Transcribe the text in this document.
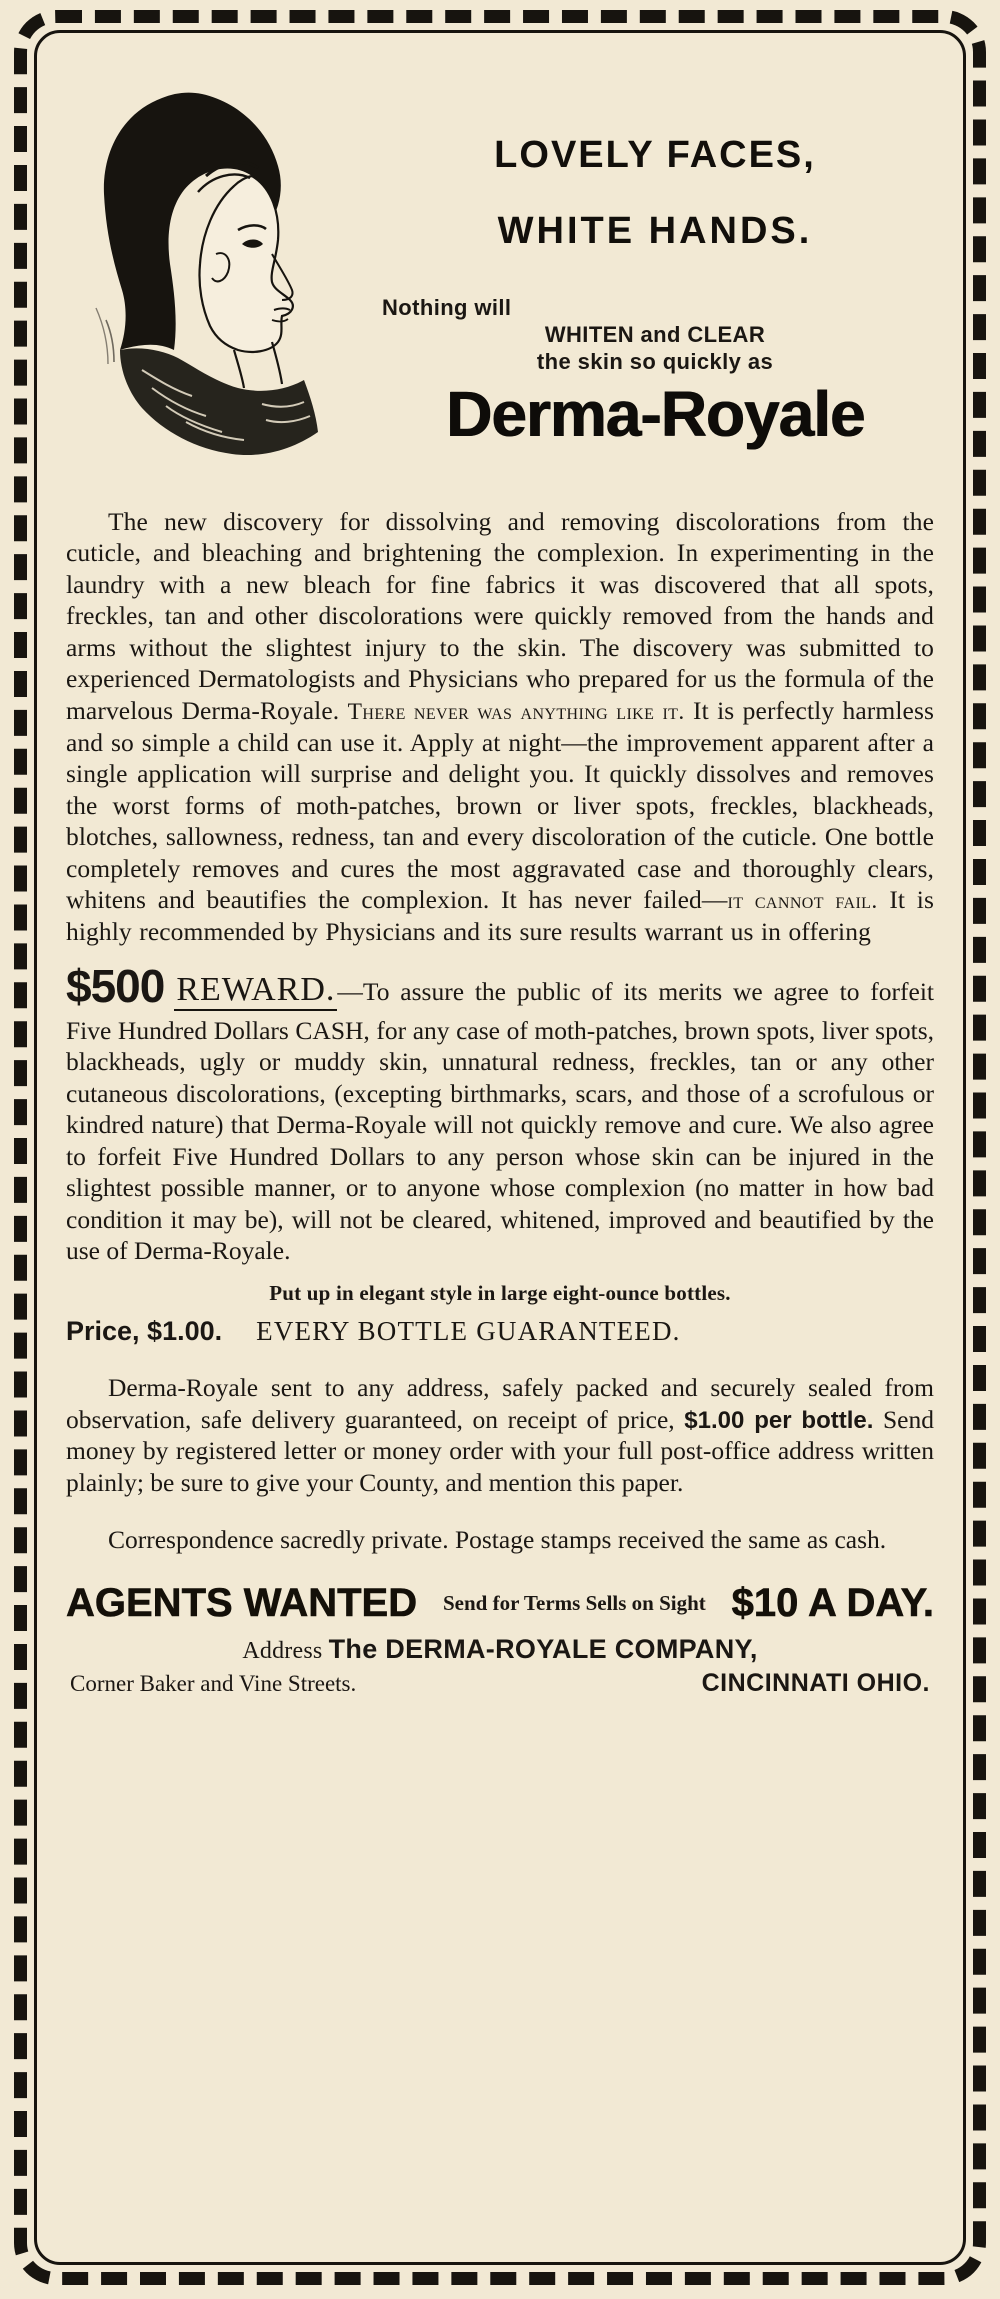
LOVELY FACES,
WHITE HANDS.
Nothing will
WHITEN and CLEAR
the skin so quickly as
Derma-Royale

The new discovery for dissolving and removing discolorations from the cuticle, and bleaching and brightening the complexion. In experimenting in the laundry with a new bleach for fine fabrics it was discovered that all spots, freckles, tan and other discolorations were quickly removed from the hands and arms without the slightest injury to the skin. The discovery was submitted to experienced Dermatologists and Physicians who prepared for us the formula of the marvelous Derma-Royale. There never was anything like it. It is perfectly harmless and so simple a child can use it. Apply at night—the improvement apparent after a single application will surprise and delight you. It quickly dissolves and removes the worst forms of moth-patches, brown or liver spots, freckles, blackheads, blotches, sallowness, redness, tan and every discoloration of the cuticle. One bottle completely removes and cures the most aggravated case and thoroughly clears, whitens and beautifies the complexion. It has never failed—it cannot fail. It is highly recommended by Physicians and its sure results warrant us in offering

$500 REWARD.—To assure the public of its merits we agree to forfeit Five Hundred Dollars CASH, for any case of moth-patches, brown spots, liver spots, blackheads, ugly or muddy skin, unnatural redness, freckles, tan or any other cutaneous discolorations, (excepting birthmarks, scars, and those of a scrofulous or kindred nature) that Derma-Royale will not quickly remove and cure. We also agree to forfeit Five Hundred Dollars to any person whose skin can be injured in the slightest possible manner, or to anyone whose complexion (no matter in how bad condition it may be), will not be cleared, whitened, improved and beautified by the use of Derma-Royale.
Put up in elegant style in large eight-ounce bottles.
Price, $1.00. EVERY BOTTLE GUARANTEED.

Derma-Royale sent to any address, safely packed and securely sealed from observation, safe delivery guaranteed, on receipt of price, $1.00 per bottle. Send money by registered letter or money order with your full post-office address written plainly; be sure to give your County, and mention this paper.

Correspondence sacredly private. Postage stamps received the same as cash.

AGENTS WANTED Send for Terms Sells on Sight $10 A DAY.
Address The DERMA-ROYALE COMPANY,
Corner Baker and Vine Streets.	CINCINNATI OHIO.
